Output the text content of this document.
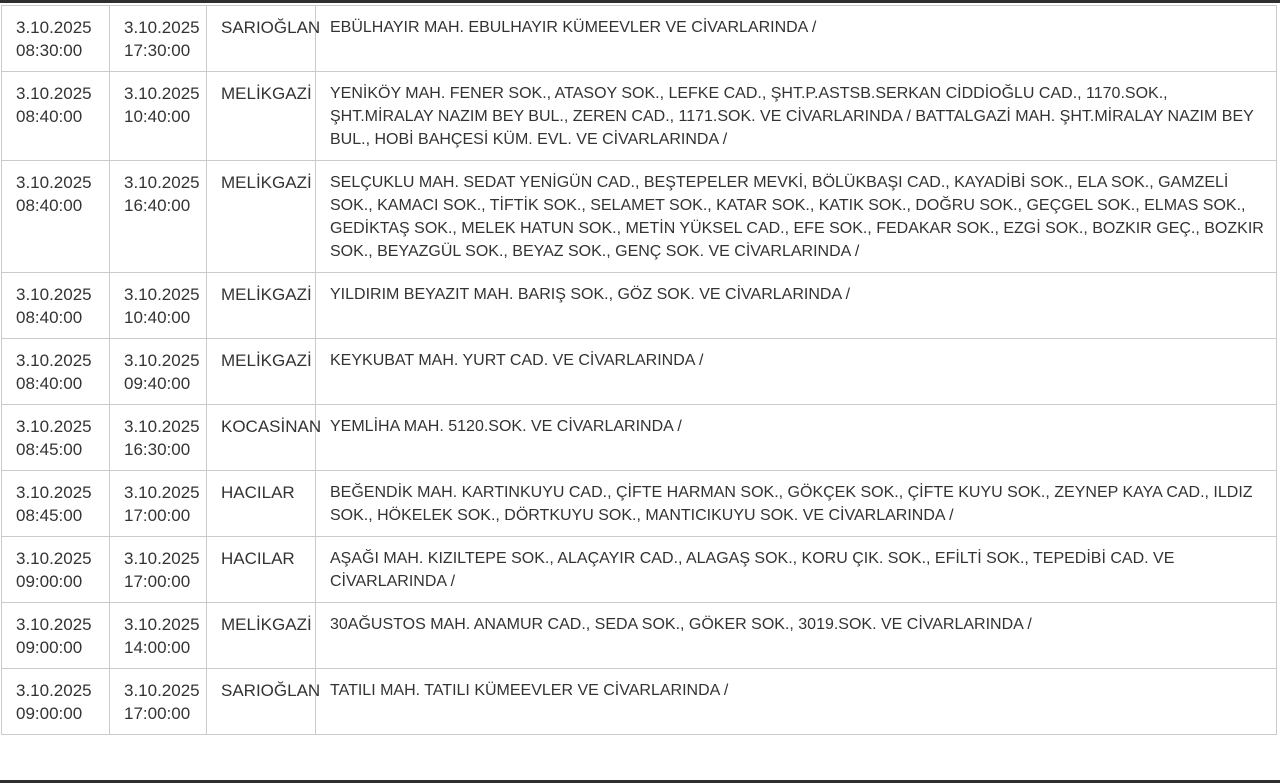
3.10.2025
08:30:00

3.10.2025
17:30:00
	SARIOĞLAN	EBÜLHAYIR MAH. EBULHAYIR KÜMEEVLER VE CİVARLARINDA /

3.10.2025
08:40:00

3.10.2025
10:40:00
	MELİKGAZİ	YENİKÖY MAH. FENER SOK., ATASOY SOK., LEFKE CAD., ŞHT.P.ASTSB.SERKAN CİDDİOĞLU CAD., 1170.SOK., ŞHT.MİRALAY NAZIM BEY BUL., ZEREN CAD., 1171.SOK. VE CİVARLARINDA / BATTALGAZİ MAH. ŞHT.MİRALAY NAZIM BEY BUL., HOBİ BAHÇESİ KÜM. EVL. VE CİVARLARINDA /

3.10.2025
08:40:00

3.10.2025
16:40:00
	MELİKGAZİ	SELÇUKLU MAH. SEDAT YENİGÜN CAD., BEŞTEPELER MEVKİ, BÖLÜKBAŞI CAD., KAYADİBİ SOK., ELA SOK., GAMZELİ SOK., KAMACI SOK., TİFTİK SOK., SELAMET SOK., KATAR SOK., KATIK SOK., DOĞRU SOK., GEÇGEL SOK., ELMAS SOK., GEDİKTAŞ SOK., MELEK HATUN SOK., METİN YÜKSEL CAD., EFE SOK., FEDAKAR SOK., EZGİ SOK., BOZKIR GEÇ., BOZKIR SOK., BEYAZGÜL SOK., BEYAZ SOK., GENÇ SOK. VE CİVARLARINDA /

3.10.2025
08:40:00

3.10.2025
10:40:00
	MELİKGAZİ	YILDIRIM BEYAZIT MAH. BARIŞ SOK., GÖZ SOK. VE CİVARLARINDA /

3.10.2025
08:40:00

3.10.2025
09:40:00
	MELİKGAZİ	KEYKUBAT MAH. YURT CAD. VE CİVARLARINDA /

3.10.2025
08:45:00

3.10.2025
16:30:00
	KOCASİNAN	YEMLİHA MAH. 5120.SOK. VE CİVARLARINDA /

3.10.2025
08:45:00

3.10.2025
17:00:00
	HACILAR	BEĞENDİK MAH. KARTINKUYU CAD., ÇİFTE HARMAN SOK., GÖKÇEK SOK., ÇİFTE KUYU SOK., ZEYNEP KAYA CAD., ILDIZ SOK., HÖKELEK SOK., DÖRTKUYU SOK., MANTICIKUYU SOK. VE CİVARLARINDA /

3.10.2025
09:00:00

3.10.2025
17:00:00
	HACILAR	AŞAĞI MAH. KIZILTEPE SOK., ALAÇAYIR CAD., ALAGAŞ SOK., KORU ÇIK. SOK., EFİLTİ SOK., TEPEDİBİ CAD. VE CİVARLARINDA /

3.10.2025
09:00:00

3.10.2025
14:00:00
	MELİKGAZİ	30AĞUSTOS MAH. ANAMUR CAD., SEDA SOK., GÖKER SOK., 3019.SOK. VE CİVARLARINDA /

3.10.2025
09:00:00

3.10.2025
17:00:00
	SARIOĞLAN	TATILI MAH. TATILI KÜMEEVLER VE CİVARLARINDA /
